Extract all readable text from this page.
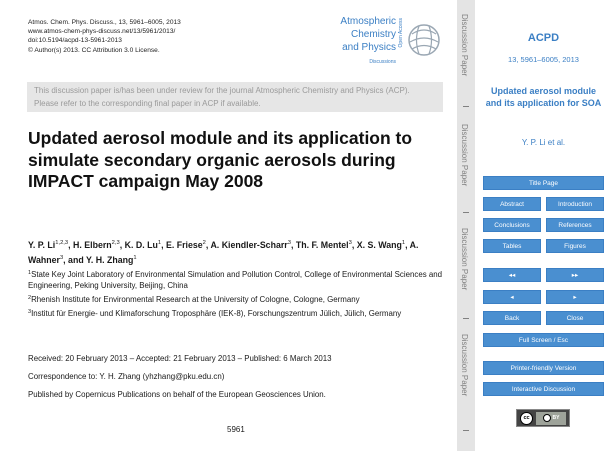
Atmos. Chem. Phys. Discuss., 13, 5961–6005, 2013
www.atmos-chem-phys-discuss.net/13/5961/2013/
doi:10.5194/acpd-13-5961-2013
© Author(s) 2013. CC Attribution 3.0 License.
Atmospheric
Chemistry
and Physics
Discussions
Open Access
This discussion paper is/has been under review for the journal Atmospheric Chemistry and Physics (ACP). Please refer to the corresponding final paper in ACP if available.
Updated aerosol module and its application to simulate secondary organic aerosols during IMPACT campaign May 2008
Y. P. Li$^{1,2,3}$, H. Elbern$^{2,3}$, K. D. Lu$^1$, E. Friese$^2$, A. Kiendler-Scharr$^3$, Th. F. Mentel$^3$, X. S. Wang$^1$, A. Wahner$^3$, and Y. H. Zhang$^1$
$^1$State Key Joint Laboratory of Environmental Simulation and Pollution Control, College of Environmental Sciences and Engineering, Peking University, Beijing, China
$^2$Rhenish Institute for Environmental Research at the University of Cologne, Cologne, Germany
$^3$Institut für Energie- und Klimaforschung Troposphäre (IEK-8), Forschungszentrum Jülich, Jülich, Germany
Received: 20 February 2013 – Accepted: 21 February 2013 – Published: 6 March 2013
Correspondence to: Y. H. Zhang (yhzhang@pku.edu.cn)
Published by Copernicus Publications on behalf of the European Geosciences Union.
5961
Discussion Paper
Discussion Paper
Discussion Paper
Discussion Paper
ACPD
13, 5961–6005, 2013
Updated aerosol module and its application for SOA
Y. P. Li et al.
Title Page
Abstract	Introduction
Conclusions	References
Tables	Figures
◂◂	▸▸
◂	▸
Back	Close
Full Screen / Esc
Printer-friendly Version
Interactive Discussion
cc	BY
